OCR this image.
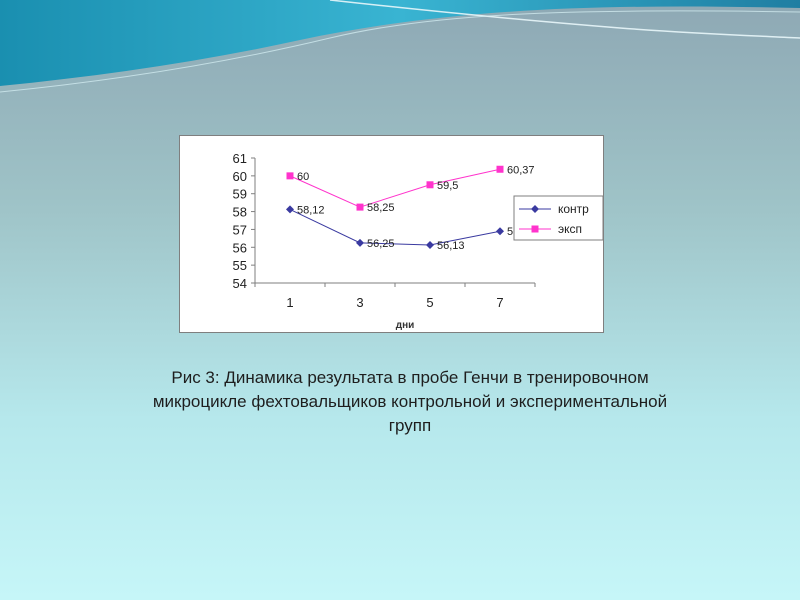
54
55
56
57
58
59
60
61
1	3	5	7
дни
58,12
56,25	56,13
5
60
58,25
59,5
60,37
контр
эксп
Рис 3: Динамика результата в пробе Генчи в тренировочном
микроцикле фехтовальщиков контрольной и экспериментальной
групп
